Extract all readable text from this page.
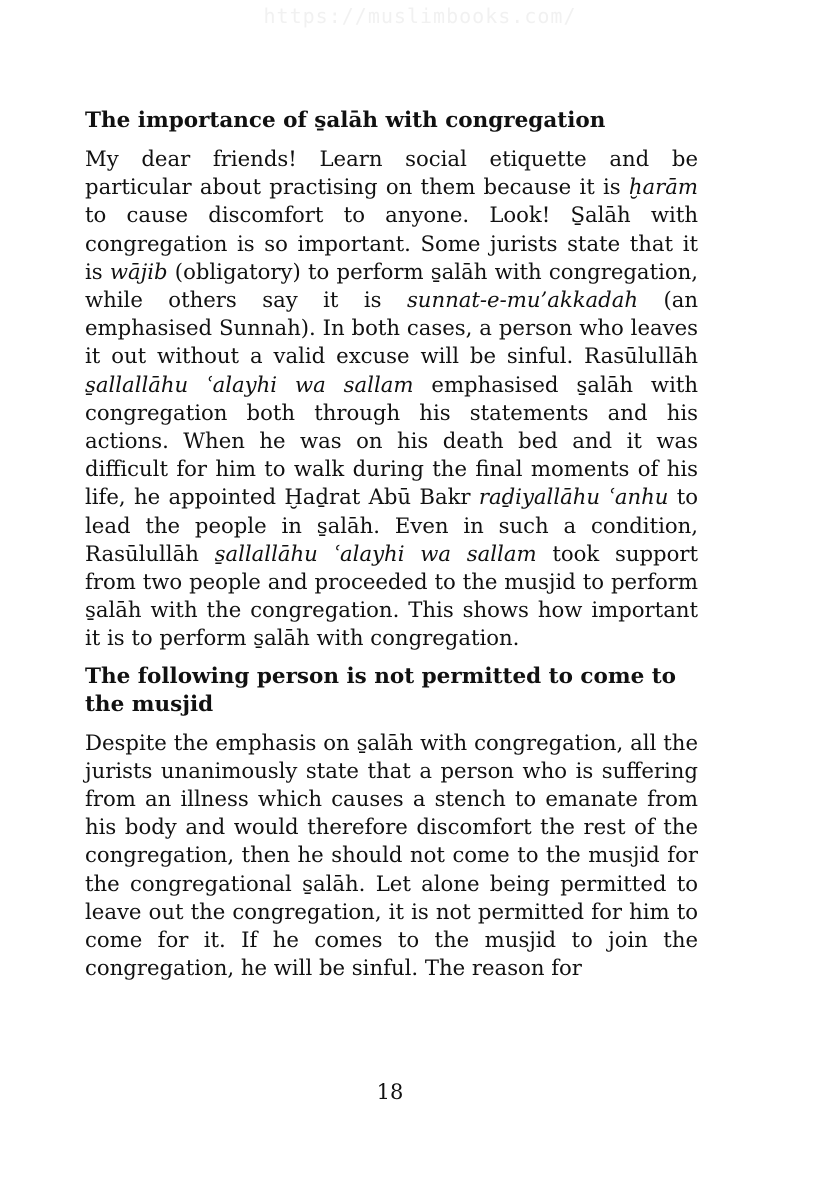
https://muslimbooks.com/
The importance of s̱alāh with congregation

My dear friends! Learn social etiquette and be particular about practising on them because it is ḫarām to cause discomfort to anyone. Look! S̱alāh with congregation is so important. Some jurists state that it is wājib (obligatory) to perform s̱alāh with congregation, while others say it is sunnat-e-mu’akkadah (an emphasised Sunnah). In both cases, a person who leaves it out without a valid excuse will be sinful. Rasūlullāh s̱allallāhu ʿalayhi wa sallam emphasised s̱alāh with congregation both through his statements and his actions. When he was on his death bed and it was difficult for him to walk during the final moments of his life, he appointed Ḫaḏrat Abū Bakr raḏiyallāhu ʿanhu to lead the people in s̱alāh. Even in such a condition, Rasūlullāh s̱allallāhu ʿalayhi wa sallam took support from two people and proceeded to the musjid to perform s̱alāh with the congregation. This shows how important it is to perform s̱alāh with congregation.

The following person is not permitted to come to the musjid

Despite the emphasis on s̱alāh with congregation, all the jurists unanimously state that a person who is suffering from an illness which causes a stench to emanate from his body and would therefore discomfort the rest of the congregation, then he should not come to the musjid for the congregational s̱alāh. Let alone being permitted to leave out the congregation, it is not permitted for him to come for it. If he comes to the musjid to join the congregation, he will be sinful. The reason for

18
